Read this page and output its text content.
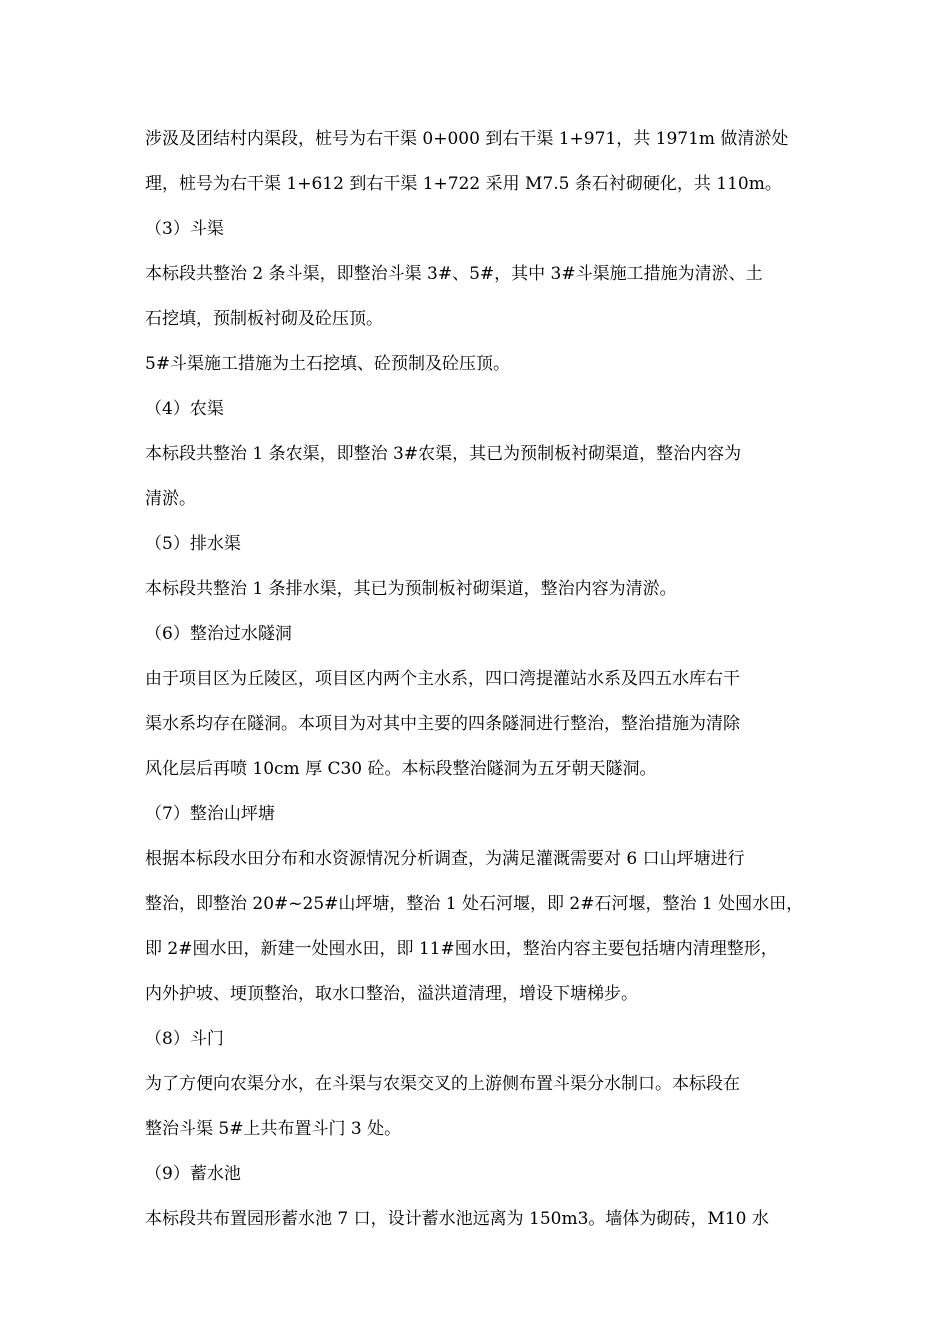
涉汲及团结村内渠段，桩号为右干渠 0+000 到右干渠 1+971，共 1971m 做清淤处
理，桩号为右干渠 1+612 到右干渠 1+722 采用 M7.5 条石衬砌硬化，共 110m。
（3）斗渠
本标段共整治 2 条斗渠，即整治斗渠 3#、5#，其中 3#斗渠施工措施为清淤、土
石挖填，预制板衬砌及砼压顶。
5#斗渠施工措施为土石挖填、砼预制及砼压顶。
（4）农渠
本标段共整治 1 条农渠，即整治 3#农渠，其已为预制板衬砌渠道，整治内容为
清淤。
（5）排水渠
本标段共整治 1 条排水渠，其已为预制板衬砌渠道，整治内容为清淤。
（6）整治过水隧洞
由于项目区为丘陵区，项目区内两个主水系，四口湾提灌站水系及四五水库右干
渠水系均存在隧洞。本项目为对其中主要的四条隧洞进行整治，整治措施为清除
风化层后再喷 10cm 厚 C30 砼。本标段整治隧洞为五牙朝天隧洞。
（7）整治山坪塘
根据本标段水田分布和水资源情况分析调查，为满足灌溉需要对 6 口山坪塘进行
整治，即整治 20#~25#山坪塘，整治 1 处石河堰，即 2#石河堰，整治 1 处囤水田，
即 2#囤水田，新建一处囤水田，即 11#囤水田，整治内容主要包括塘内清理整形，
内外护坡、埂顶整治，取水口整治，溢洪道清理，增设下塘梯步。
（8）斗门
为了方便向农渠分水，在斗渠与农渠交叉的上游侧布置斗渠分水制口。本标段在
整治斗渠 5#上共布置斗门 3 处。
（9）蓄水池
本标段共布置园形蓄水池 7 口，设计蓄水池远离为 150m3。墙体为砌砖，M10 水
